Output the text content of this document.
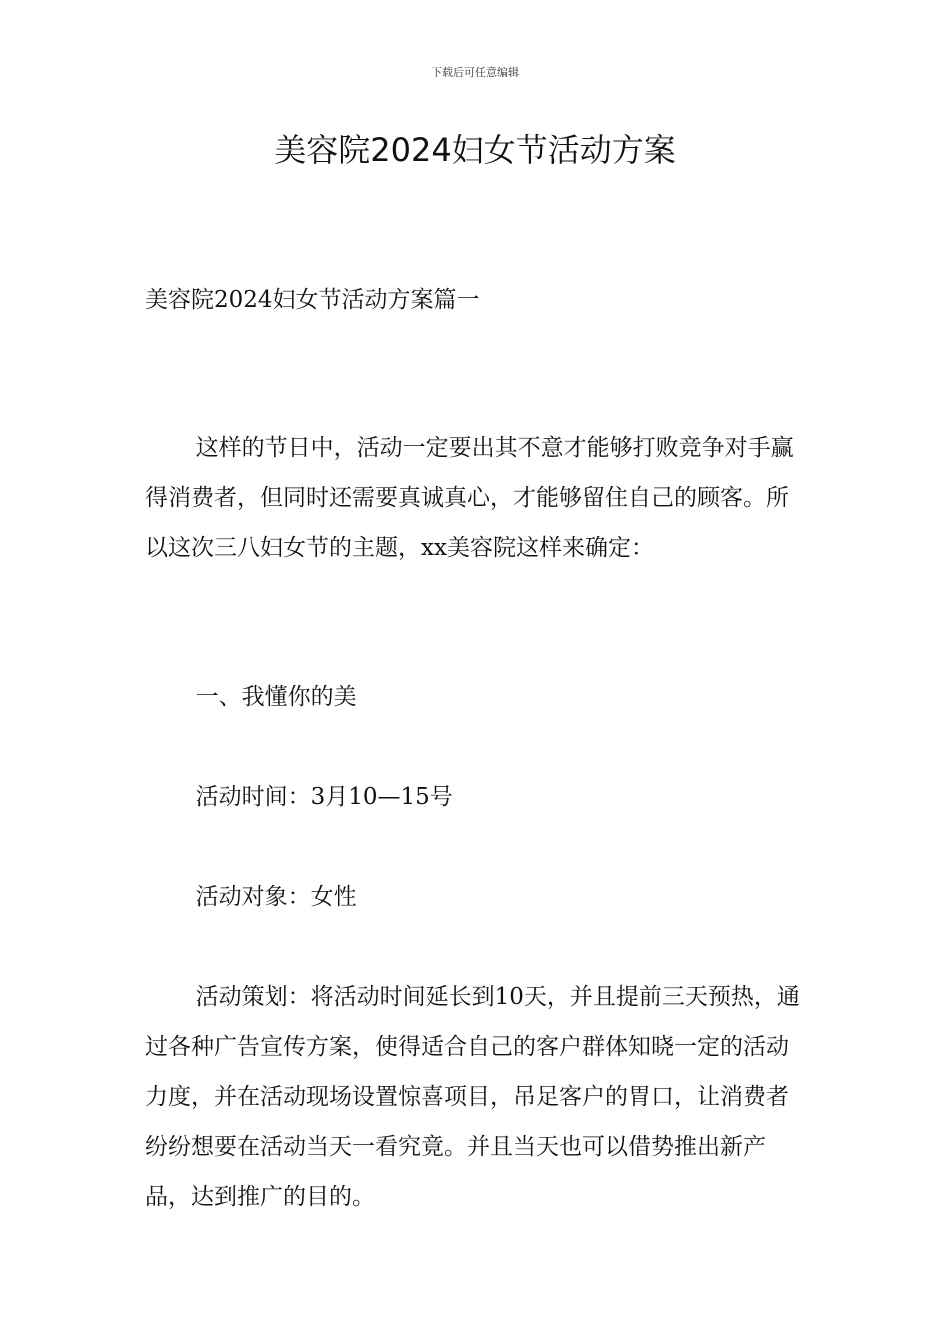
下载后可任意编辑
美容院2024妇女节活动方案
美容院2024妇女节活动方案篇一

这样的节日中，活动一定要出其不意才能够打败竞争对手赢得消费者，但同时还需要真诚真心，才能够留住自己的顾客。所以这次三八妇女节的主题，xx美容院这样来确定：

一、我懂你的美

活动时间：3月10—15号

活动对象：女性

活动策划：将活动时间延长到10天，并且提前三天预热，通过各种广告宣传方案，使得适合自己的客户群体知晓一定的活动力度，并在活动现场设置惊喜项目，吊足客户的胃口，让消费者纷纷想要在活动当天一看究竟。并且当天也可以借势推出新产品，达到推广的目的。
